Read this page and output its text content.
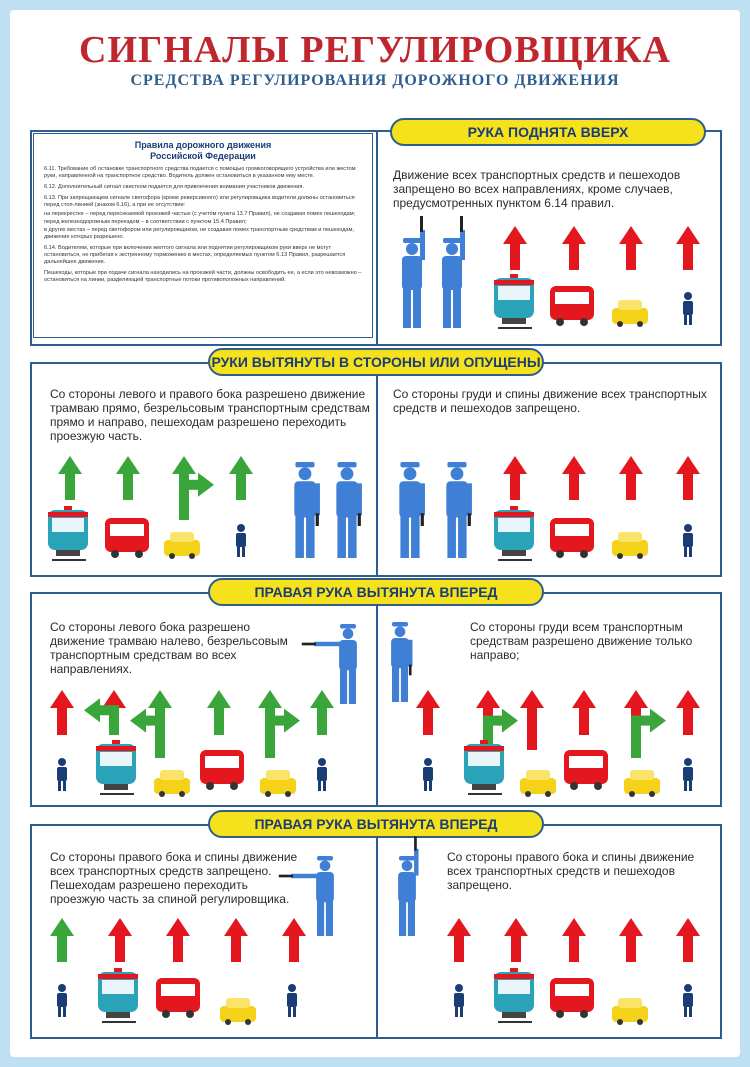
СИГНАЛЫ РЕГУЛИРОВЩИКА
СРЕДСТВА РЕГУЛИРОВАНИЯ ДОРОЖНОГО ДВИЖЕНИЯ
Правила дорожного движения
Российской Федерации
6.11. Требование об остановке транспортного средства подается с помощью громкоговорящего устройства или жестом руки, направленной на транспортное средство. Водитель должен остановиться в указанном ему месте.
6.12. Дополнительный сигнал свистком подается для привлечения внимания участников движения.
6.13. При запрещающем сигнале светофора (кроме реверсивного) или регулировщика водители должны остановиться перед стоп-линией (знаком 6.16), а при ее отсутствии:
на перекрестке – перед пересекаемой проезжей частью (с учетом пункта 13.7 Правил), не создавая помех пешеходам;
перед железнодорожным переездом – в соответствии с пунктом 15.4 Правил;
в других местах – перед светофором или регулировщиком, не создавая помех транспортным средствам и пешеходам, движение которых разрешено.
6.14. Водителям, которые при включении желтого сигнала или поднятии регулировщиком руки вверх не могут остановиться, не прибегая к экстренному торможению в местах, определяемых пунктом 6.13 Правил, разрешается дальнейшее движение.
Пешеходы, которые при подаче сигнала находились на проезжей части, должны освободить ее, а если это невозможно – остановиться на линии, разделяющей транспортные потоки противоположных направлений.
РУКА ПОДНЯТА ВВЕРХ
Движение всех транспортных средств и пешеходов запрещено во всех направлениях, кроме случаев, предусмотренных пунктом 6.14 правил.
РУКИ ВЫТЯНУТЫ В СТОРОНЫ ИЛИ ОПУЩЕНЫ
Со стороны левого и правого бока разрешено движение трамваю прямо, безрельсовым транспортным средствам прямо и направо, пешеходам разрешено переходить проезжую часть.
Со стороны груди и спины движение всех транспортных средств и пешеходов запрещено.
ПРАВАЯ РУКА ВЫТЯНУТА ВПЕРЕД
Со стороны левого бока разрешено движение трамваю налево, безрельсовым транспортным средствам во всех направлениях.
Со стороны груди всем транспортным средствам разрешено движение только направо;
ПРАВАЯ РУКА ВЫТЯНУТА ВПЕРЕД
Со стороны правого бока и спины движение всех транспортных средств запрещено. Пешеходам разрешено переходить проезжую часть за спиной регулировщика.
Со стороны правого бока и спины движение всех транспортных средств и пешеходов запрещено.
